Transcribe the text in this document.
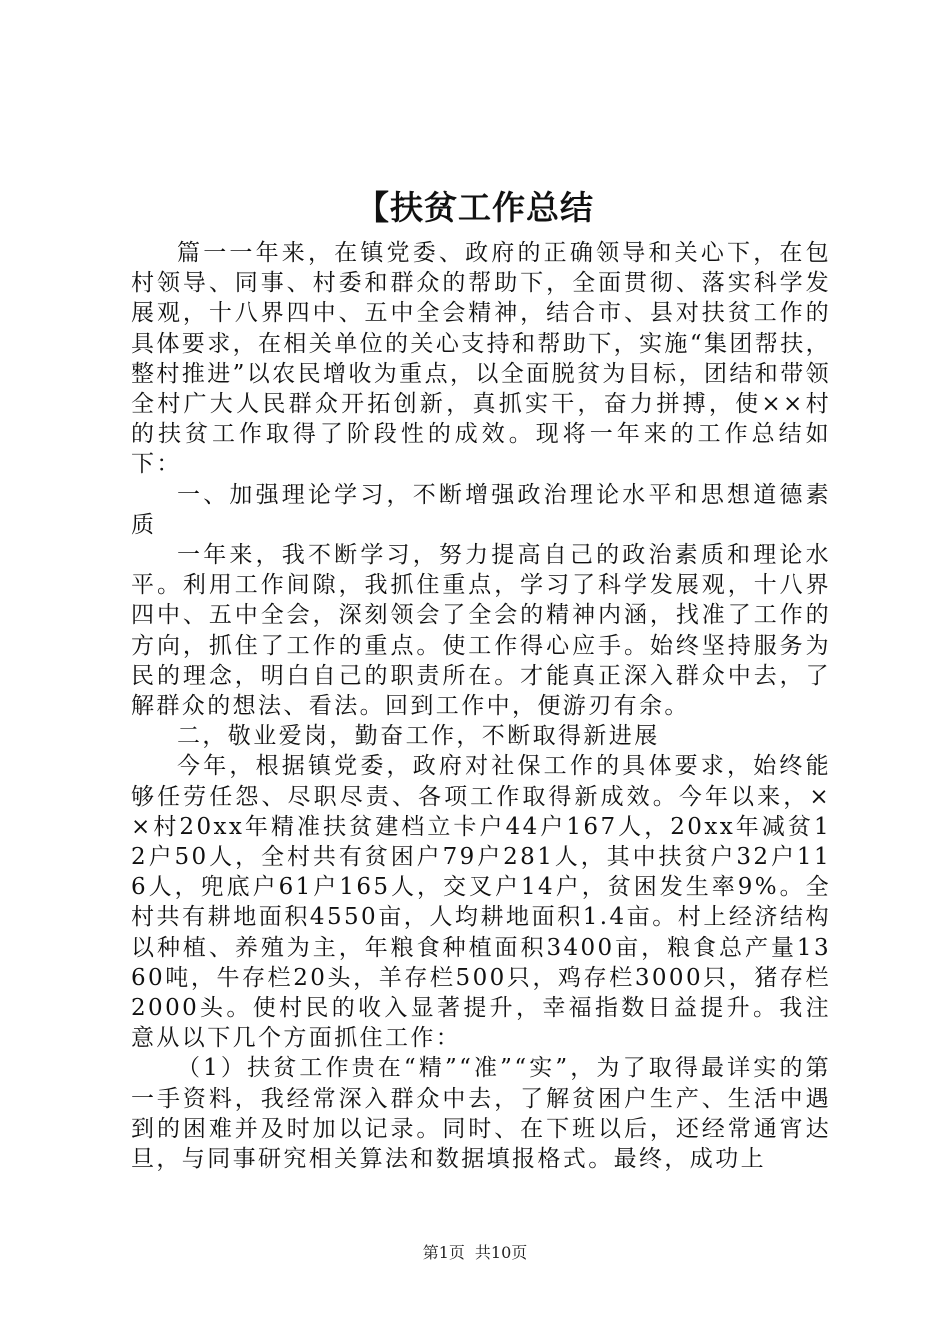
【扶贫工作总结

篇一一年来，在镇党委、政府的正确领导和关心下，在包村领导、同事、村委和群众的帮助下，全面贯彻、落实科学发展观，十八界四中、五中全会精神，结合市、县对扶贫工作的具体要求，在相关单位的关心支持和帮助下，实施“集团帮扶，整村推进”以农民增收为重点，以全面脱贫为目标，团结和带领全村广大人民群众开拓创新，真抓实干，奋力拼搏，使××村的扶贫工作取得了阶段性的成效。现将一年来的工作总结如下：

一、加强理论学习，不断增强政治理论水平和思想道德素质

一年来，我不断学习，努力提高自己的政治素质和理论水平。利用工作间隙，我抓住重点，学习了科学发展观，十八界四中、五中全会，深刻领会了全会的精神内涵，找准了工作的方向，抓住了工作的重点。使工作得心应手。始终坚持服务为民的理念，明白自己的职责所在。才能真正深入群众中去，了解群众的想法、看法。回到工作中，便游刃有余。

二，敬业爱岗，勤奋工作，不断取得新进展

今年，根据镇党委，政府对社保工作的具体要求，始终能够任劳任怨、尽职尽责、各项工作取得新成效。今年以来，××村20xx年精准扶贫建档立卡户44户167人，20xx年减贫12户50人，全村共有贫困户79户281人，其中扶贫户32户116人，兜底户61户165人，交叉户14户，贫困发生率9%。全村共有耕地面积4550亩，人均耕地面积1.4亩。村上经济结构以种植、养殖为主，年粮食种植面积3400亩，粮食总产量1360吨，牛存栏20头，羊存栏500只，鸡存栏3000只，猪存栏2000头。使村民的收入显著提升，幸福指数日益提升。我注意从以下几个方面抓住工作：

（1）扶贫工作贵在“精”“准”“实”，为了取得最详实的第一手资料，我经常深入群众中去，了解贫困户生产、生活中遇到的困难并及时加以记录。同时、在下班以后，还经常通宵达旦，与同事研究相关算法和数据填报格式。最终，成功上

第1页 共10页
